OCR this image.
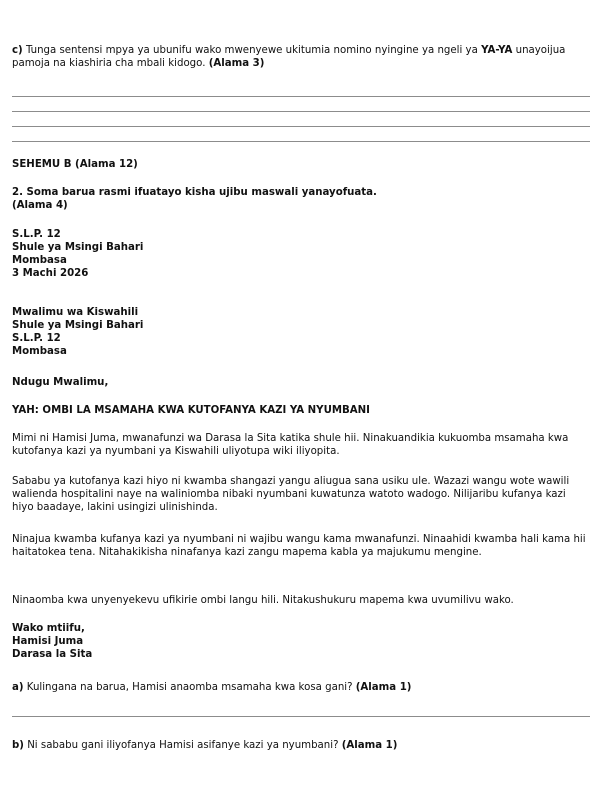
c) Tunga sentensi mpya ya ubunifu wako mwenyewe ukitumia nomino nyingine ya ngeli ya YA-YA unayoijua pamoja na kiashiria cha mbali kidogo. (Alama 3)

SEHEMU B (Alama 12)

2. Soma barua rasmi ifuatayo kisha ujibu maswali yanayofuata.
(Alama 4)

S.L.P. 12
Shule ya Msingi Bahari
Mombasa
3 Machi 2026

Mwalimu wa Kiswahili
Shule ya Msingi Bahari
S.L.P. 12
Mombasa

Ndugu Mwalimu,

YAH: OMBI LA MSAMAHA KWA KUTOFANYA KAZI YA NYUMBANI

Mimi ni Hamisi Juma, mwanafunzi wa Darasa la Sita katika shule hii. Ninakuandikia kukuomba msamaha kwa kutofanya kazi ya nyumbani ya Kiswahili uliyotupa wiki iliyopita.

Sababu ya kutofanya kazi hiyo ni kwamba shangazi yangu aliugua sana usiku ule. Wazazi wangu wote wawili walienda hospitalini naye na waliniomba nibaki nyumbani kuwatunza watoto wadogo. Nilijaribu kufanya kazi hiyo baadaye, lakini usingizi ulinishinda.

Ninajua kwamba kufanya kazi ya nyumbani ni wajibu wangu kama mwanafunzi. Ninaahidi kwamba hali kama hii haitatokea tena. Nitahakikisha ninafanya kazi zangu mapema kabla ya majukumu mengine.

Ninaomba kwa unyenyekevu ufikirie ombi langu hili. Nitakushukuru mapema kwa uvumilivu wako.

Wako mtiifu,
Hamisi Juma
Darasa la Sita

a) Kulingana na barua, Hamisi anaomba msamaha kwa kosa gani? (Alama 1)

b) Ni sababu gani iliyofanya Hamisi asifanye kazi ya nyumbani? (Alama 1)
